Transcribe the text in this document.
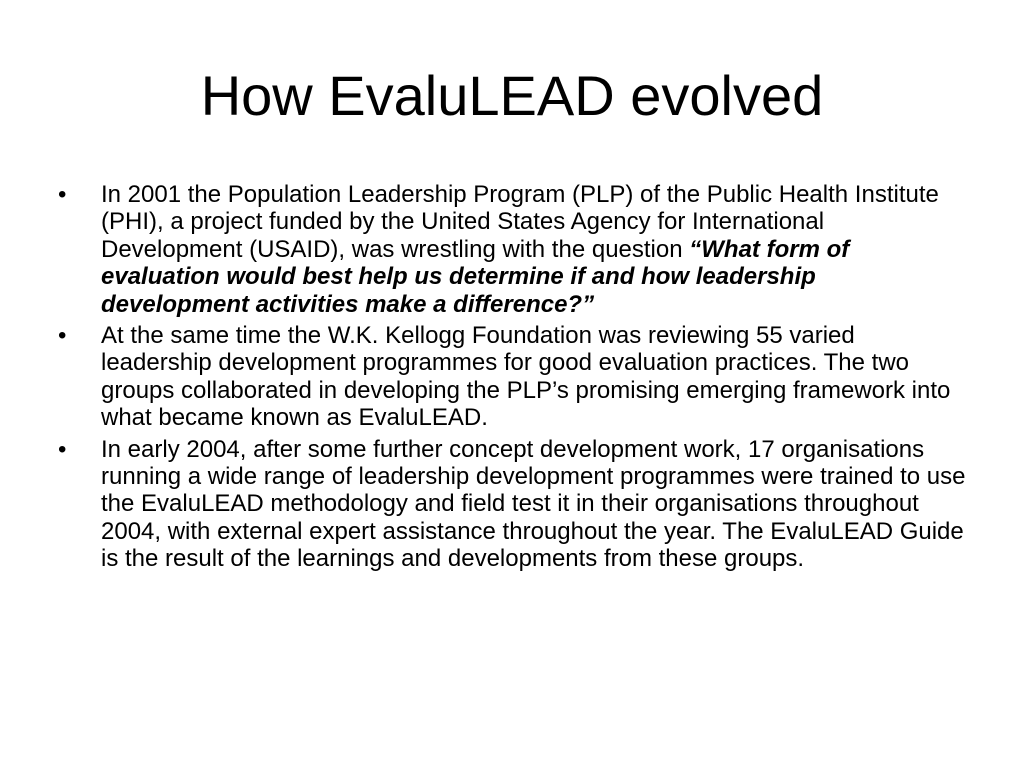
How EvaluLEAD evolved
•	In 2001 the Population Leadership Program (PLP) of the Public Health Institute (PHI), a project funded by the United States Agency for International Development (USAID), was wrestling with the question “What form of evaluation would best help us determine if and how leadership development activities make a difference?”
•	At the same time the W.K. Kellogg Foundation was reviewing 55 varied leadership development programmes for good evaluation practices. The two groups collaborated in developing the PLP’s promising emerging framework into what became known as EvaluLEAD.
•	In early 2004, after some further concept development work, 17 organisations running a wide range of leadership development programmes were trained to use the EvaluLEAD methodology and field test it in their organisations throughout 2004, with external expert assistance throughout the year. The EvaluLEAD Guide is the result of the learnings and developments from these groups.
